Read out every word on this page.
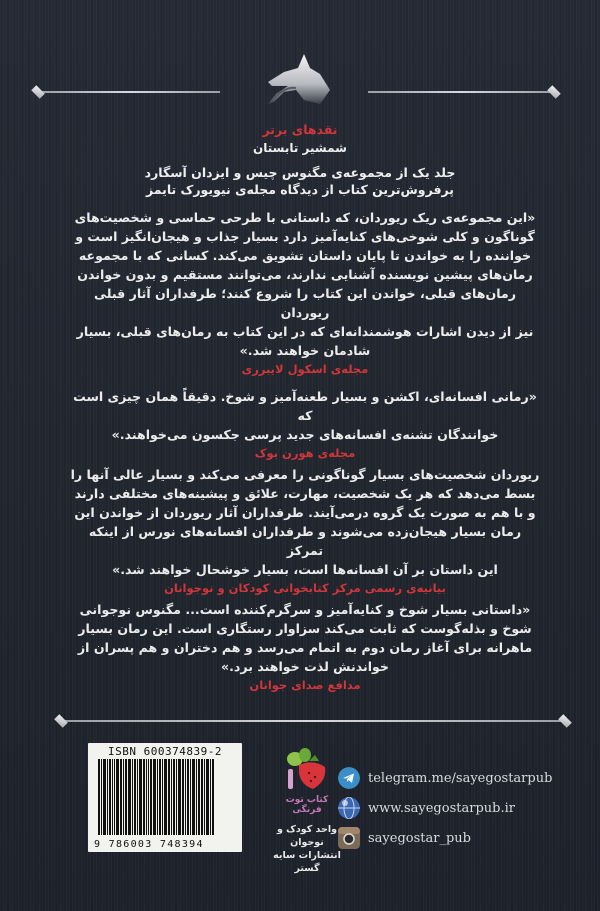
نقدهای برتر
شمشیر تابستان
جلد یک از مجموعه‌ی مگنوس چیس و ایزدان آسگارد
پرفروش‌ترین کتاب از دیدگاه مجله‌ی نیویورک تایمز
«این مجموعه‌ی ریک ریوردان، که داستانی با طرحی حماسی و شخصیت‌های
گوناگون و کلی شوخی‌های کنایه‌آمیز دارد بسیار جذاب و هیجان‌انگیز است و
خواننده را به خواندن تا پایان داستان تشویق می‌کند. کسانی که با مجموعه
رمان‌های پیشین نویسنده آشنایی ندارند، می‌توانند مستقیم و بدون خواندن
رمان‌های قبلی، خواندن این کتاب را شروع کنند؛ طرفداران آثار قبلی ریوردان
نیز از دیدن اشارات هوشمندانه‌ای که در این کتاب به رمان‌های قبلی، بسیار
شادمان خواهند شد.»
مجله‌ی اسکول لایبرری
«رمانی افسانه‌ای، اکشن و بسیار طعنه‌آمیز و شوخ. دقیقاً همان چیزی است که
خوانندگان تشنه‌ی افسانه‌های جدید پرسی جکسون می‌خواهند.»
مجله‌ی هورن بوک
ریوردان شخصیت‌های بسیار گوناگونی را معرفی می‌کند و بسیار عالی آنها را
بسط می‌دهد که هر یک شخصیت، مهارت، علائق و پیشینه‌های مختلفی دارند
و با هم به صورت یک گروه درمی‌آیند. طرفداران آثار ریوردان از خواندن این
رمان بسیار هیجان‌زده می‌شوند و طرفداران افسانه‌های نورس از اینکه تمرکز
این داستان بر آن افسانه‌ها است، بسیار خوشحال خواهند شد.»
بیانیه‌ی رسمی مرکز کتابخوانی کودکان و نوجوانان
«داستانی بسیار شوخ و کنایه‌آمیز و سرگرم‌کننده است... مگنوس نوجوانی
شوخ و بذله‌گوست که ثابت می‌کند سزاوار رستگاری است. این رمان بسیار
ماهرانه برای آغاز رمان دوم به اتمام می‌رسد و هم دختران و هم پسران از
خواندنش لذت خواهند برد.»
مدافع صدای جوانان
ISBN 600374839-2
9 786003 748394
کتاب توت فرنگی
واحد کودک و نوجوان
انتشارات سایه گستر
telegram.me/sayegostarpub
www.sayegostarpub.ir
sayegostar_pub
